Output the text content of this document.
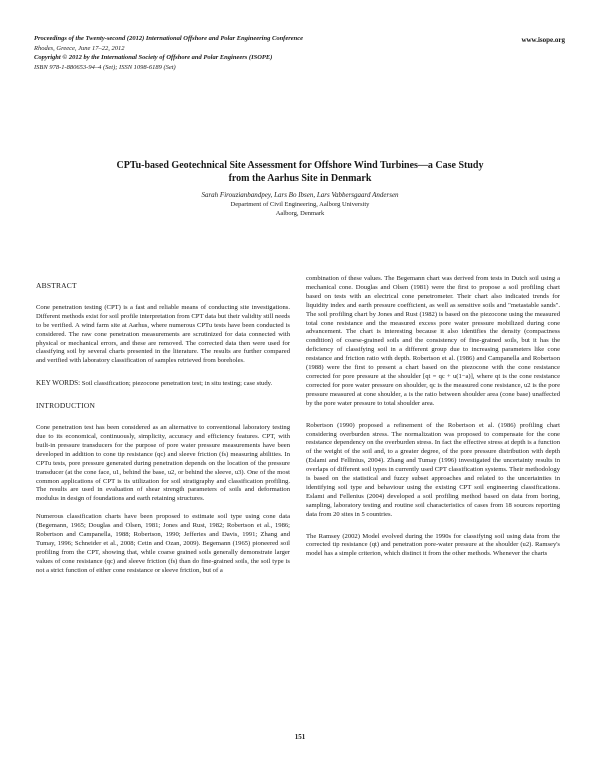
Proceedings of the Twenty-second (2012) International Offshore and Polar Engineering Conference
Rhodes, Greece, June 17–22, 2012
Copyright © 2012 by the International Society of Offshore and Polar Engineers (ISOPE)
ISBN 978-1-880653-94–4 (Set); ISSN 1098-6189 (Set)
www.isope.org
CPTu-based Geotechnical Site Assessment for Offshore Wind Turbines—a Case Study
from the Aarhus Site in Denmark
Sarah Firouzianbandpey, Lars Bo Ibsen, Lars Vabbersgaard Andersen
Department of Civil Engineering, Aalborg University
Aalborg, Denmark
ABSTRACT

Cone penetration testing (CPT) is a fast and reliable means of conducting site investigations. Different methods exist for soil profile interpretation from CPT data but their validity still needs to be verified. A wind farm site at Aarhus, where numerous CPTu tests have been conducted is considered. The raw cone penetration measurements are scrutinized for data connected with physical or mechanical errors, and these are removed. The corrected data then were used for classifying soil by several charts presented in the literature. The results are further compared and verified with laboratory classification of samples retrieved from boreholes.

KEY WORDS: Soil classification; piezocone penetration test; in situ testing; case study.

INTRODUCTION

Cone penetration test has been considered as an alternative to conventional laboratory testing due to its economical, continuously, simplicity, accuracy and efficiency features. CPT, with built-in pressure transducers for the purpose of pore water pressure measurements have been developed in addition to cone tip resistance (qc) and sleeve friction (fs) measuring abilities. In CPTu tests, pore pressure generated during penetration depends on the location of the pressure transducer (at the cone face, u1, behind the base, u2, or behind the sleeve, u3). One of the most common applications of CPT is its utilization for soil stratigraphy and classification profiling. The results are used in evaluation of shear strength parameters of soils and deformation modulus in design of foundations and earth retaining structures.

Numerous classification charts have been proposed to estimate soil type using cone data (Begemann, 1965; Douglas and Olsen, 1981; Jones and Rust, 1982; Robertson et al., 1986; Robertson and Campanella, 1988; Robertson, 1990; Jefferies and Davis, 1991; Zhang and Tumay, 1996; Schneider et al., 2008; Cetin and Ozan, 2009). Begemann (1965) pioneered soil profiling from the CPT, showing that, while coarse grained soils generally demonstrate larger values of cone resistance (qc) and sleeve friction (fs) than do fine-grained soils, the soil type is not a strict function of either cone resistance or sleeve friction, but of a

combination of these values. The Begemann chart was derived from tests in Dutch soil using a mechanical cone. Douglas and Olsen (1981) were the first to propose a soil profiling chart based on tests with an electrical cone penetrometer. Their chart also indicated trends for liquidity index and earth pressure coefficient, as well as sensitive soils and "metastable sands". The soil profiling chart by Jones and Rust (1982) is based on the piezocone using the measured total cone resistance and the measured excess pore water pressure mobilized during cone advancement. The chart is interesting because it also identifies the density (compactness condition) of coarse-grained soils and the consistency of fine-grained soils, but it has the deficiency of classifying soil in a different group due to increasing parameters like cone resistance and friction ratio with depth. Robertson et al. (1986) and Campanella and Robertson (1988) were the first to present a chart based on the piezocone with the cone resistance corrected for pore pressure at the shoulder [qt = qc + u(1−a)], where qt is the cone resistance corrected for pore water pressure on shoulder, qc is the measured cone resistance, u2 is the pore pressure measured at cone shoulder, a is the ratio between shoulder area (cone base) unaffected by the pore water pressure to total shoulder area.

Robertson (1990) proposed a refinement of the Robertson et al. (1986) profiling chart considering overburden stress. The normalization was proposed to compensate for the cone resistance dependency on the overburden stress. In fact the effective stress at depth is a function of the weight of the soil and, to a greater degree, of the pore pressure distribution with depth (Eslami and Fellinius, 2004). Zhang and Tumay (1996) investigated the uncertainty results in overlaps of different soil types in currently used CPT classification systems. Their methodology is based on the statistical and fuzzy subset approaches and related to the uncertainties in identifying soil type and behaviour using the existing CPT soil engineering classifications. Eslami and Fellenius (2004) developed a soil profiling method based on data from boring, sampling, laboratory testing and routine soil characteristics of cases from 18 sources reporting data from 20 sites in 5 countries.

The Ramsey (2002) Model evolved during the 1990s for classifying soil using data from the corrected tip resistance (qt) and penetration pore-water pressure at the shoulder (u2). Ramsey's model has a simple criterion, which distinct it from the other methods. Whenever the charts

151
